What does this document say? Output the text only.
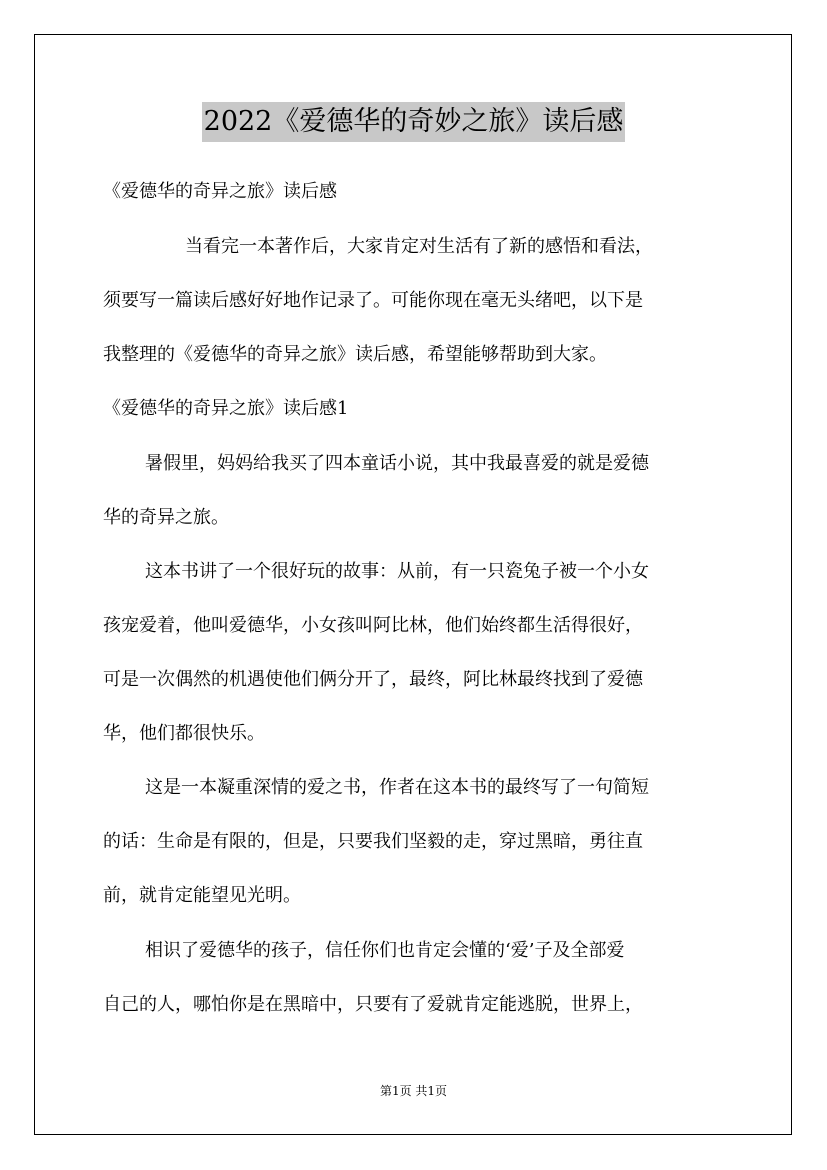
2022《爱德华的奇妙之旅》读后感
《爱德华的奇异之旅》读后感
当看完一本著作后，大家肯定对生活有了新的感悟和看法，
须要写一篇读后感好好地作记录了。可能你现在毫无头绪吧，以下是
我整理的《爱德华的奇异之旅》读后感，希望能够帮助到大家。
《爱德华的奇异之旅》读后感1
暑假里，妈妈给我买了四本童话小说，其中我最喜爱的就是爱德
华的奇异之旅。
这本书讲了一个很好玩的故事：从前，有一只瓷兔子被一个小女
孩宠爱着，他叫爱德华，小女孩叫阿比林，他们始终都生活得很好，
可是一次偶然的机遇使他们俩分开了，最终，阿比林最终找到了爱德
华，他们都很快乐。
这是一本凝重深情的爱之书，作者在这本书的最终写了一句简短
的话：生命是有限的，但是，只要我们坚毅的走，穿过黑暗，勇往直
前，就肯定能望见光明。
相识了爱德华的孩子，信任你们也肯定会懂的‘爱’子及全部爱
自己的人，哪怕你是在黑暗中，只要有了爱就肯定能逃脱，世界上，
第1页 共1页
